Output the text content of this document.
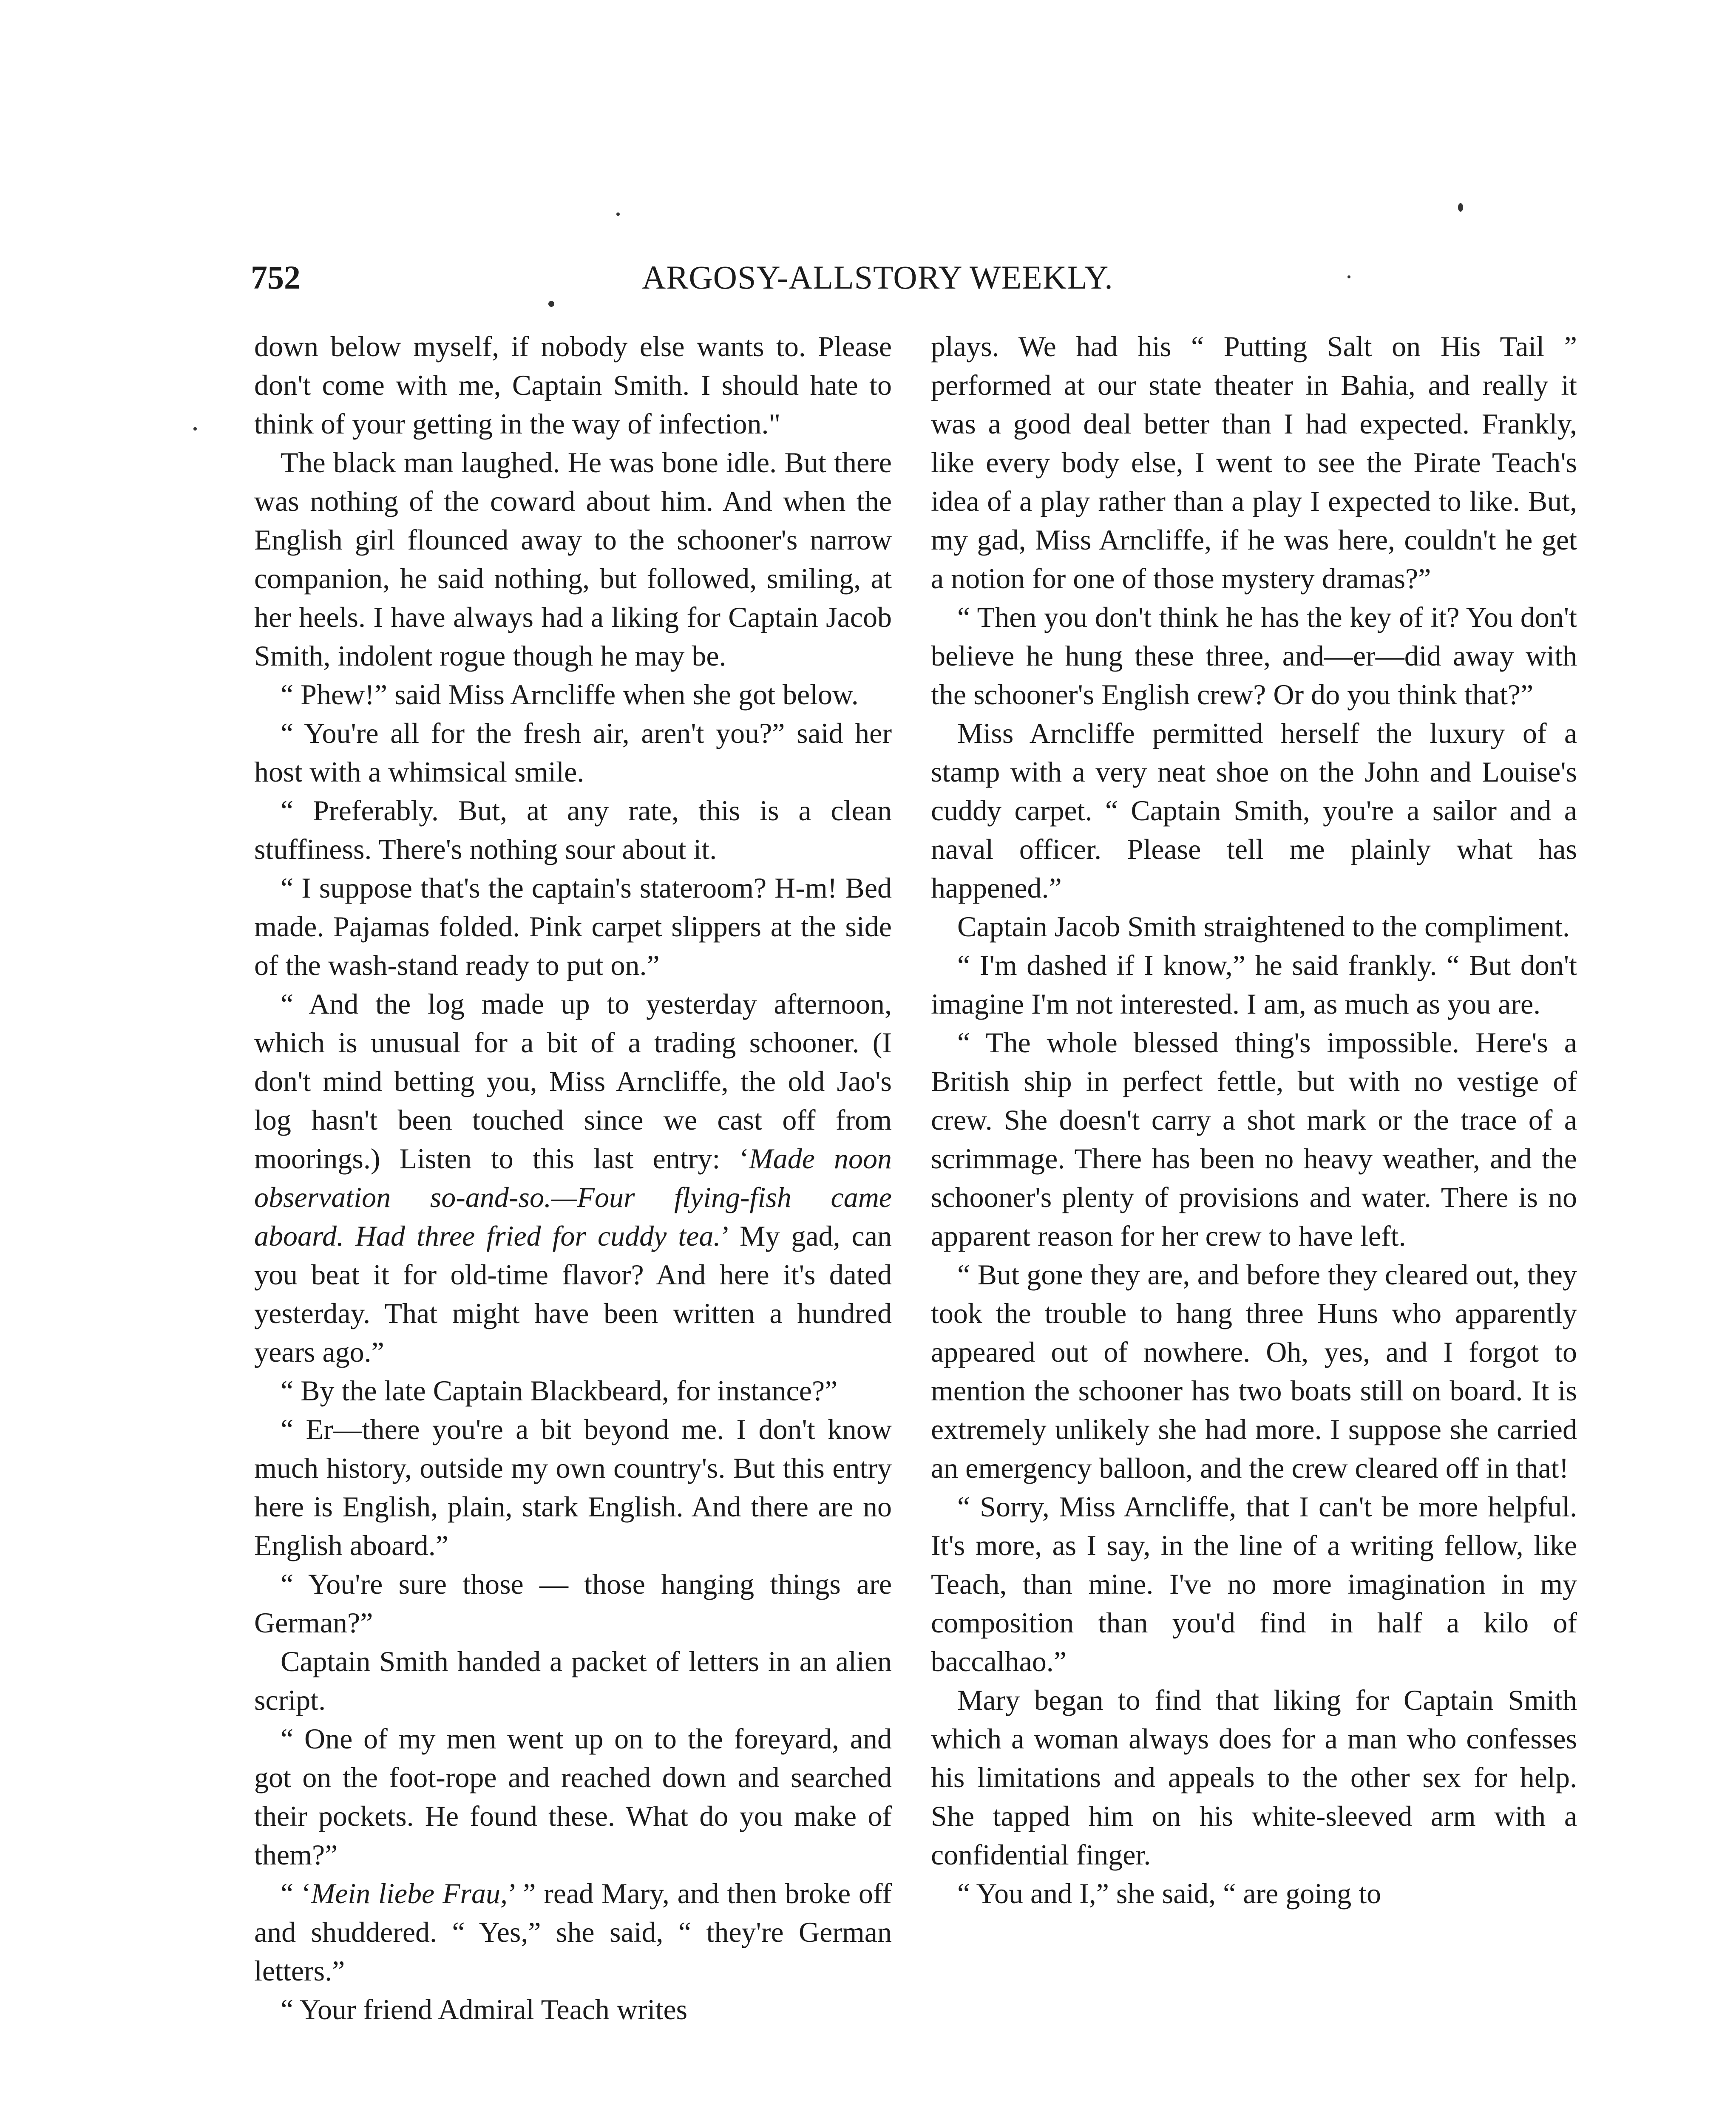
752	ARGOSY-ALLSTORY WEEKLY.

down below myself, if nobody else wants to. Please don't come with me, Captain Smith. I should hate to think of your getting in the way of infection."

The black man laughed. He was bone idle. But there was nothing of the coward about him. And when the English girl flounced away to the schooner's narrow companion, he said nothing, but followed, smiling, at her heels. I have always had a liking for Captain Jacob Smith, indolent rogue though he may be.

“ Phew!” said Miss Arncliffe when she got below.

“ You're all for the fresh air, aren't you?” said her host with a whimsical smile.

“ Preferably. But, at any rate, this is a clean stuffiness. There's nothing sour about it.

“ I suppose that's the captain's stateroom? H-m! Bed made. Pajamas folded. Pink carpet slippers at the side of the wash-stand ready to put on.”

“ And the log made up to yesterday afternoon, which is unusual for a bit of a trading schooner. (I don't mind betting you, Miss Arncliffe, the old Jao's log hasn't been touched since we cast off from moorings.) Listen to this last entry: ‘Made noon observation so-and-so.—Four flying-fish came aboard. Had three fried for cuddy tea.’ My gad, can you beat it for old-time flavor? And here it's dated yesterday. That might have been written a hundred years ago.”

“ By the late Captain Blackbeard, for instance?”

“ Er—there you're a bit beyond me. I don't know much history, outside my own country's. But this entry here is English, plain, stark English. And there are no English aboard.”

“ You're sure those — those hanging things are German?”

Captain Smith handed a packet of letters in an alien script.

“ One of my men went up on to the foreyard, and got on the foot-rope and reached down and searched their pockets. He found these. What do you make of them?”

“ ‘Mein liebe Frau,’ ” read Mary, and then broke off and shuddered. “ Yes,” she said, “ they're German letters.”

“ Your friend Admiral Teach writes

plays. We had his “ Putting Salt on His Tail ” performed at our state theater in Bahia, and really it was a good deal better than I had expected. Frankly, like every body else, I went to see the Pirate Teach's idea of a play rather than a play I expected to like. But, my gad, Miss Arncliffe, if he was here, couldn't he get a notion for one of those mystery dramas?”

“ Then you don't think he has the key of it? You don't believe he hung these three, and—er—did away with the schooner's English crew? Or do you think that?”

Miss Arncliffe permitted herself the luxury of a stamp with a very neat shoe on the John and Louise's cuddy carpet. “ Captain Smith, you're a sailor and a naval officer. Please tell me plainly what has happened.”

Captain Jacob Smith straightened to the compliment.

“ I'm dashed if I know,” he said frankly. “ But don't imagine I'm not interested. I am, as much as you are.

“ The whole blessed thing's impossible. Here's a British ship in perfect fettle, but with no vestige of crew. She doesn't carry a shot mark or the trace of a scrimmage. There has been no heavy weather, and the schooner's plenty of provisions and water. There is no apparent reason for her crew to have left.

“ But gone they are, and before they cleared out, they took the trouble to hang three Huns who apparently appeared out of nowhere. Oh, yes, and I forgot to mention the schooner has two boats still on board. It is extremely unlikely she had more. I suppose she carried an emergency balloon, and the crew cleared off in that!

“ Sorry, Miss Arncliffe, that I can't be more helpful. It's more, as I say, in the line of a writing fellow, like Teach, than mine. I've no more imagination in my composition than you'd find in half a kilo of baccalhao.”

Mary began to find that liking for Captain Smith which a woman always does for a man who confesses his limitations and appeals to the other sex for help. She tapped him on his white-sleeved arm with a confidential finger.

“ You and I,” she said, “ are going to
